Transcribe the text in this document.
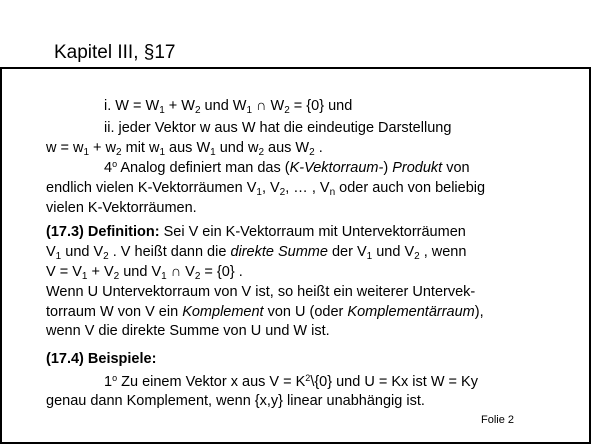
Kapitel III, §17
i. $W = W_1 + W_2$ und $W_1$ ∩ $W_2 = \{0\}$ und
ii. jeder Vektor w aus W hat die eindeutige Darstellung
$w = w_1 + w_2$ mit $w_1$ aus $W_1$ und $w_2$ aus $W_2$ .
4$^o$ Analog definiert man das (K-Vektorraum-) Produkt von
endlich vielen K-Vektorräumen $V_1$, $V_2$, … , $V_n$ oder auch von beliebig
vielen K-Vektorräumen.
(17.3) Definition: Sei V ein K-Vektorraum mit Untervektorräumen
$V_1$ und $V_2$ . V heißt dann die direkte Summe der $V_1$ und $V_2$ , wenn
$V = V_1 + V_2$ und $V_1$ ∩ $V_2 = \{0\}$ .
Wenn U Untervektorraum von V ist, so heißt ein weiterer Untervek-
torraum W von V ein Komplement von U (oder Komplementärraum),
wenn V die direkte Summe von U und W ist.
(17.4) Beispiele:
1$^o$ Zu einem Vektor x aus $V = K^2\backslash\{0\}$ und U = Kx ist W = Ky
genau dann Komplement, wenn {x,y} linear unabhängig ist.
Folie 2
